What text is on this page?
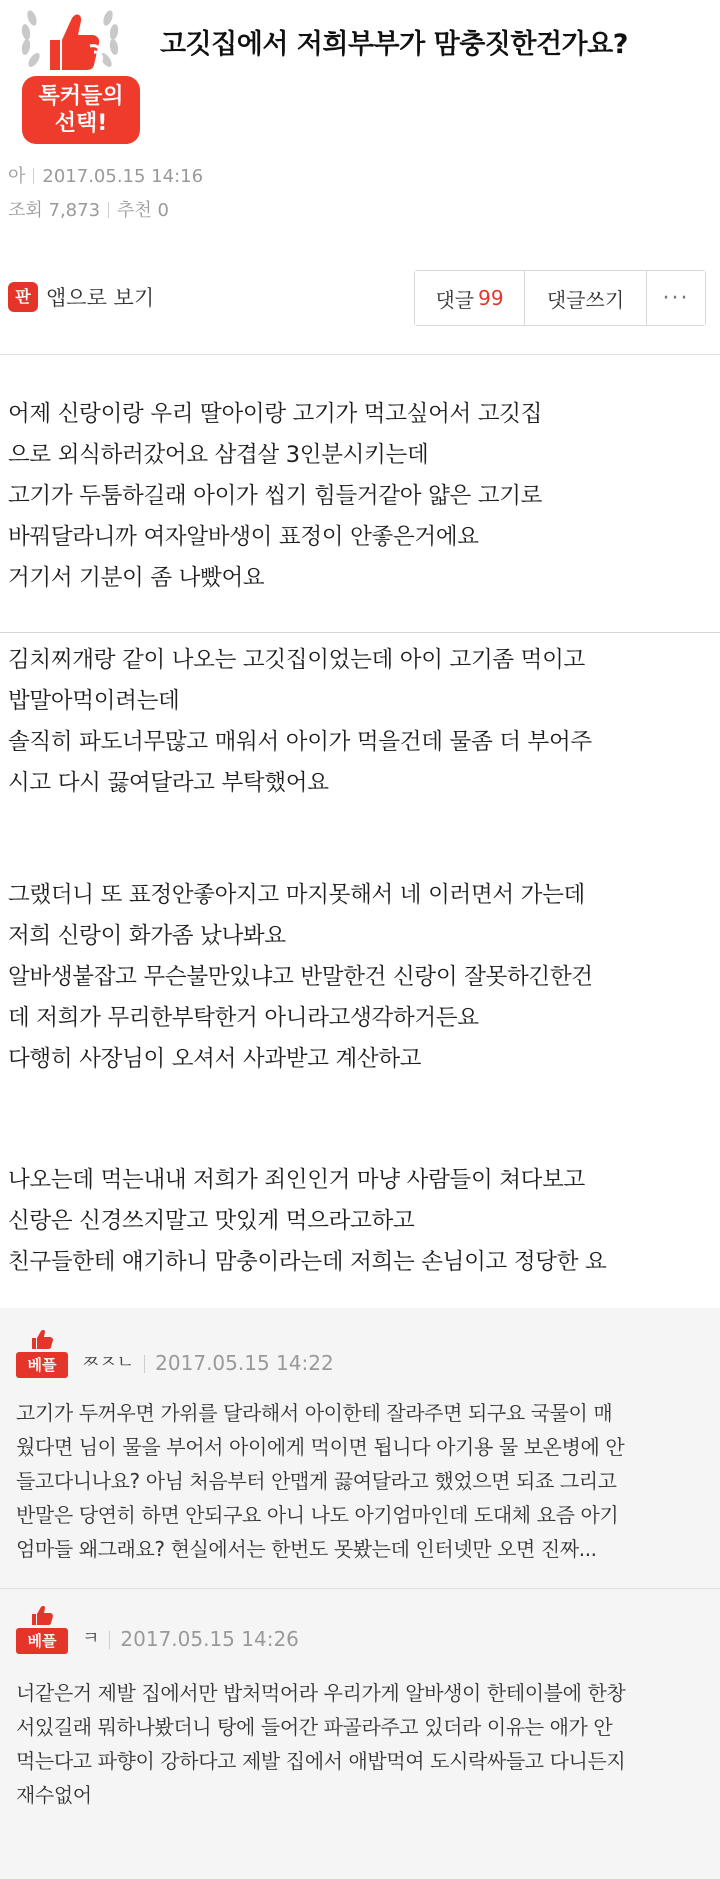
톡커들의
선택!
고깃집에서 저희부부가 맘충짓한건가요?
아 2017.05.15 14:16
조회 7,873 추천 0
판 앱으로 보기	댓글 99	댓글쓰기	···

어제 신랑이랑 우리 딸아이랑 고기가 먹고싶어서 고깃집

으로 외식하러갔어요 삼겹살 3인분시키는데

고기가 두툼하길래 아이가 씹기 힘들거같아 얇은 고기로

바꿔달라니까 여자알바생이 표정이 안좋은거에요

거기서 기분이 좀 나빴어요

김치찌개랑 같이 나오는 고깃집이었는데 아이 고기좀 먹이고

밥말아먹이려는데

솔직히 파도너무많고 매워서 아이가 먹을건데 물좀 더 부어주

시고 다시 끓여달라고 부탁했어요

그랬더니 또 표정안좋아지고 마지못해서 네 이러면서 가는데

저희 신랑이 화가좀 났나봐요

알바생붙잡고 무슨불만있냐고 반말한건 신랑이 잘못하긴한건

데 저희가 무리한부탁한거 아니라고생각하거든요

다행히 사장님이 오셔서 사과받고 계산하고

나오는데 먹는내내 저희가 죄인인거 마냥 사람들이 쳐다보고

신랑은 신경쓰지말고 맛있게 먹으라고하고

친구들한테 얘기하니 맘충이라는데 저희는 손님이고 정당한 요

베플	ㅉㅈㄴ 2017.05.15 14:22

고기가 두꺼우면 가위를 달라해서 아이한테 잘라주면 되구요 국물이 매

웠다면 님이 물을 부어서 아이에게 먹이면 됩니다 아기용 물 보온병에 안

들고다니나요? 아님 처음부터 안맵게 끓여달라고 했었으면 되죠 그리고

반말은 당연히 하면 안되구요 아니 나도 아기엄마인데 도대체 요즘 아기

엄마들 왜그래요? 현실에서는 한번도 못봤는데 인터넷만 오면 진짜...

베플	ㅋ 2017.05.15 14:26

너같은거 제발 집에서만 밥처먹어라 우리가게 알바생이 한테이블에 한창

서있길래 뭐하나봤더니 탕에 들어간 파골라주고 있더라 이유는 애가 안

먹는다고 파향이 강하다고 제발 집에서 애밥먹여 도시락싸들고 다니든지

재수없어
